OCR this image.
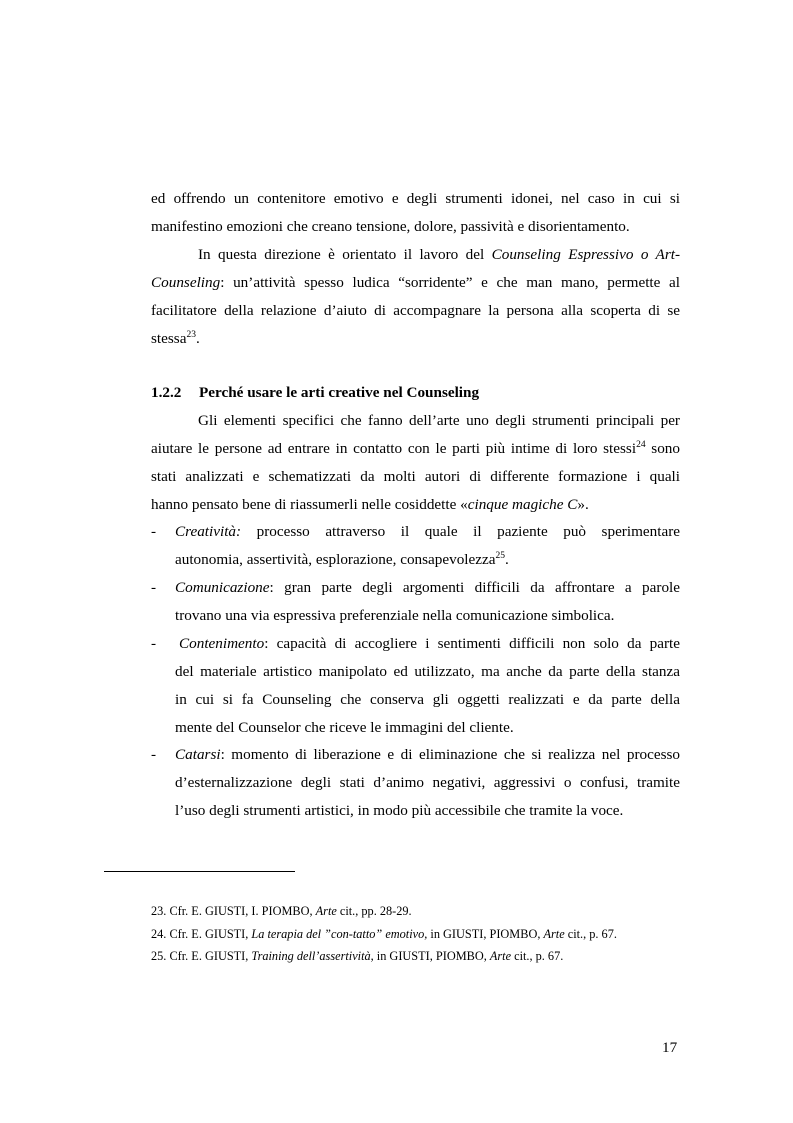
ed offrendo un contenitore emotivo e degli strumenti idonei, nel caso in cui si
manifestino emozioni che creano tensione, dolore, passività e disorientamento.
In questa direzione è orientato il lavoro del Counseling Espressivo o Art-
Counseling: un’attività spesso ludica “sorridente” e che man mano, permette al
facilitatore della relazione d’aiuto di accompagnare la persona alla scoperta di se
stessa$^{23}$.
1.2.2 Perché usare le arti creative nel Counseling
Gli elementi specifici che fanno dell’arte uno degli strumenti principali per
aiutare le persone ad entrare in contatto con le parti più intime di loro stessi$^{24}$ sono
stati analizzati e schematizzati da molti autori di differente formazione i quali
hanno pensato bene di riassumerli nelle cosiddette «cinque magiche C».
- Creatività: processo attraverso il quale il paziente può sperimentare
autonomia, assertività, esplorazione, consapevolezza$^{25}$.
- Comunicazione: gran parte degli argomenti difficili da affrontare a parole
trovano una via espressiva preferenziale nella comunicazione simbolica.
- Contenimento: capacità di accogliere i sentimenti difficili non solo da parte
del materiale artistico manipolato ed utilizzato, ma anche da parte della stanza
in cui si fa Counseling che conserva gli oggetti realizzati e da parte della
mente del Counselor che riceve le immagini del cliente.
- Catarsi: momento di liberazione e di eliminazione che si realizza nel processo
d’esternalizzazione degli stati d’animo negativi, aggressivi o confusi, tramite
l’uso degli strumenti artistici, in modo più accessibile che tramite la voce.
23. Cfr. E. GIUSTI, I. PIOMBO, Arte cit., pp. 28-29.
24. Cfr. E. GIUSTI, La terapia del ”con-tatto” emotivo, in GIUSTI, PIOMBO, Arte cit., p. 67.
25. Cfr. E. GIUSTI, Training dell’assertività, in GIUSTI, PIOMBO, Arte cit., p. 67.
17
